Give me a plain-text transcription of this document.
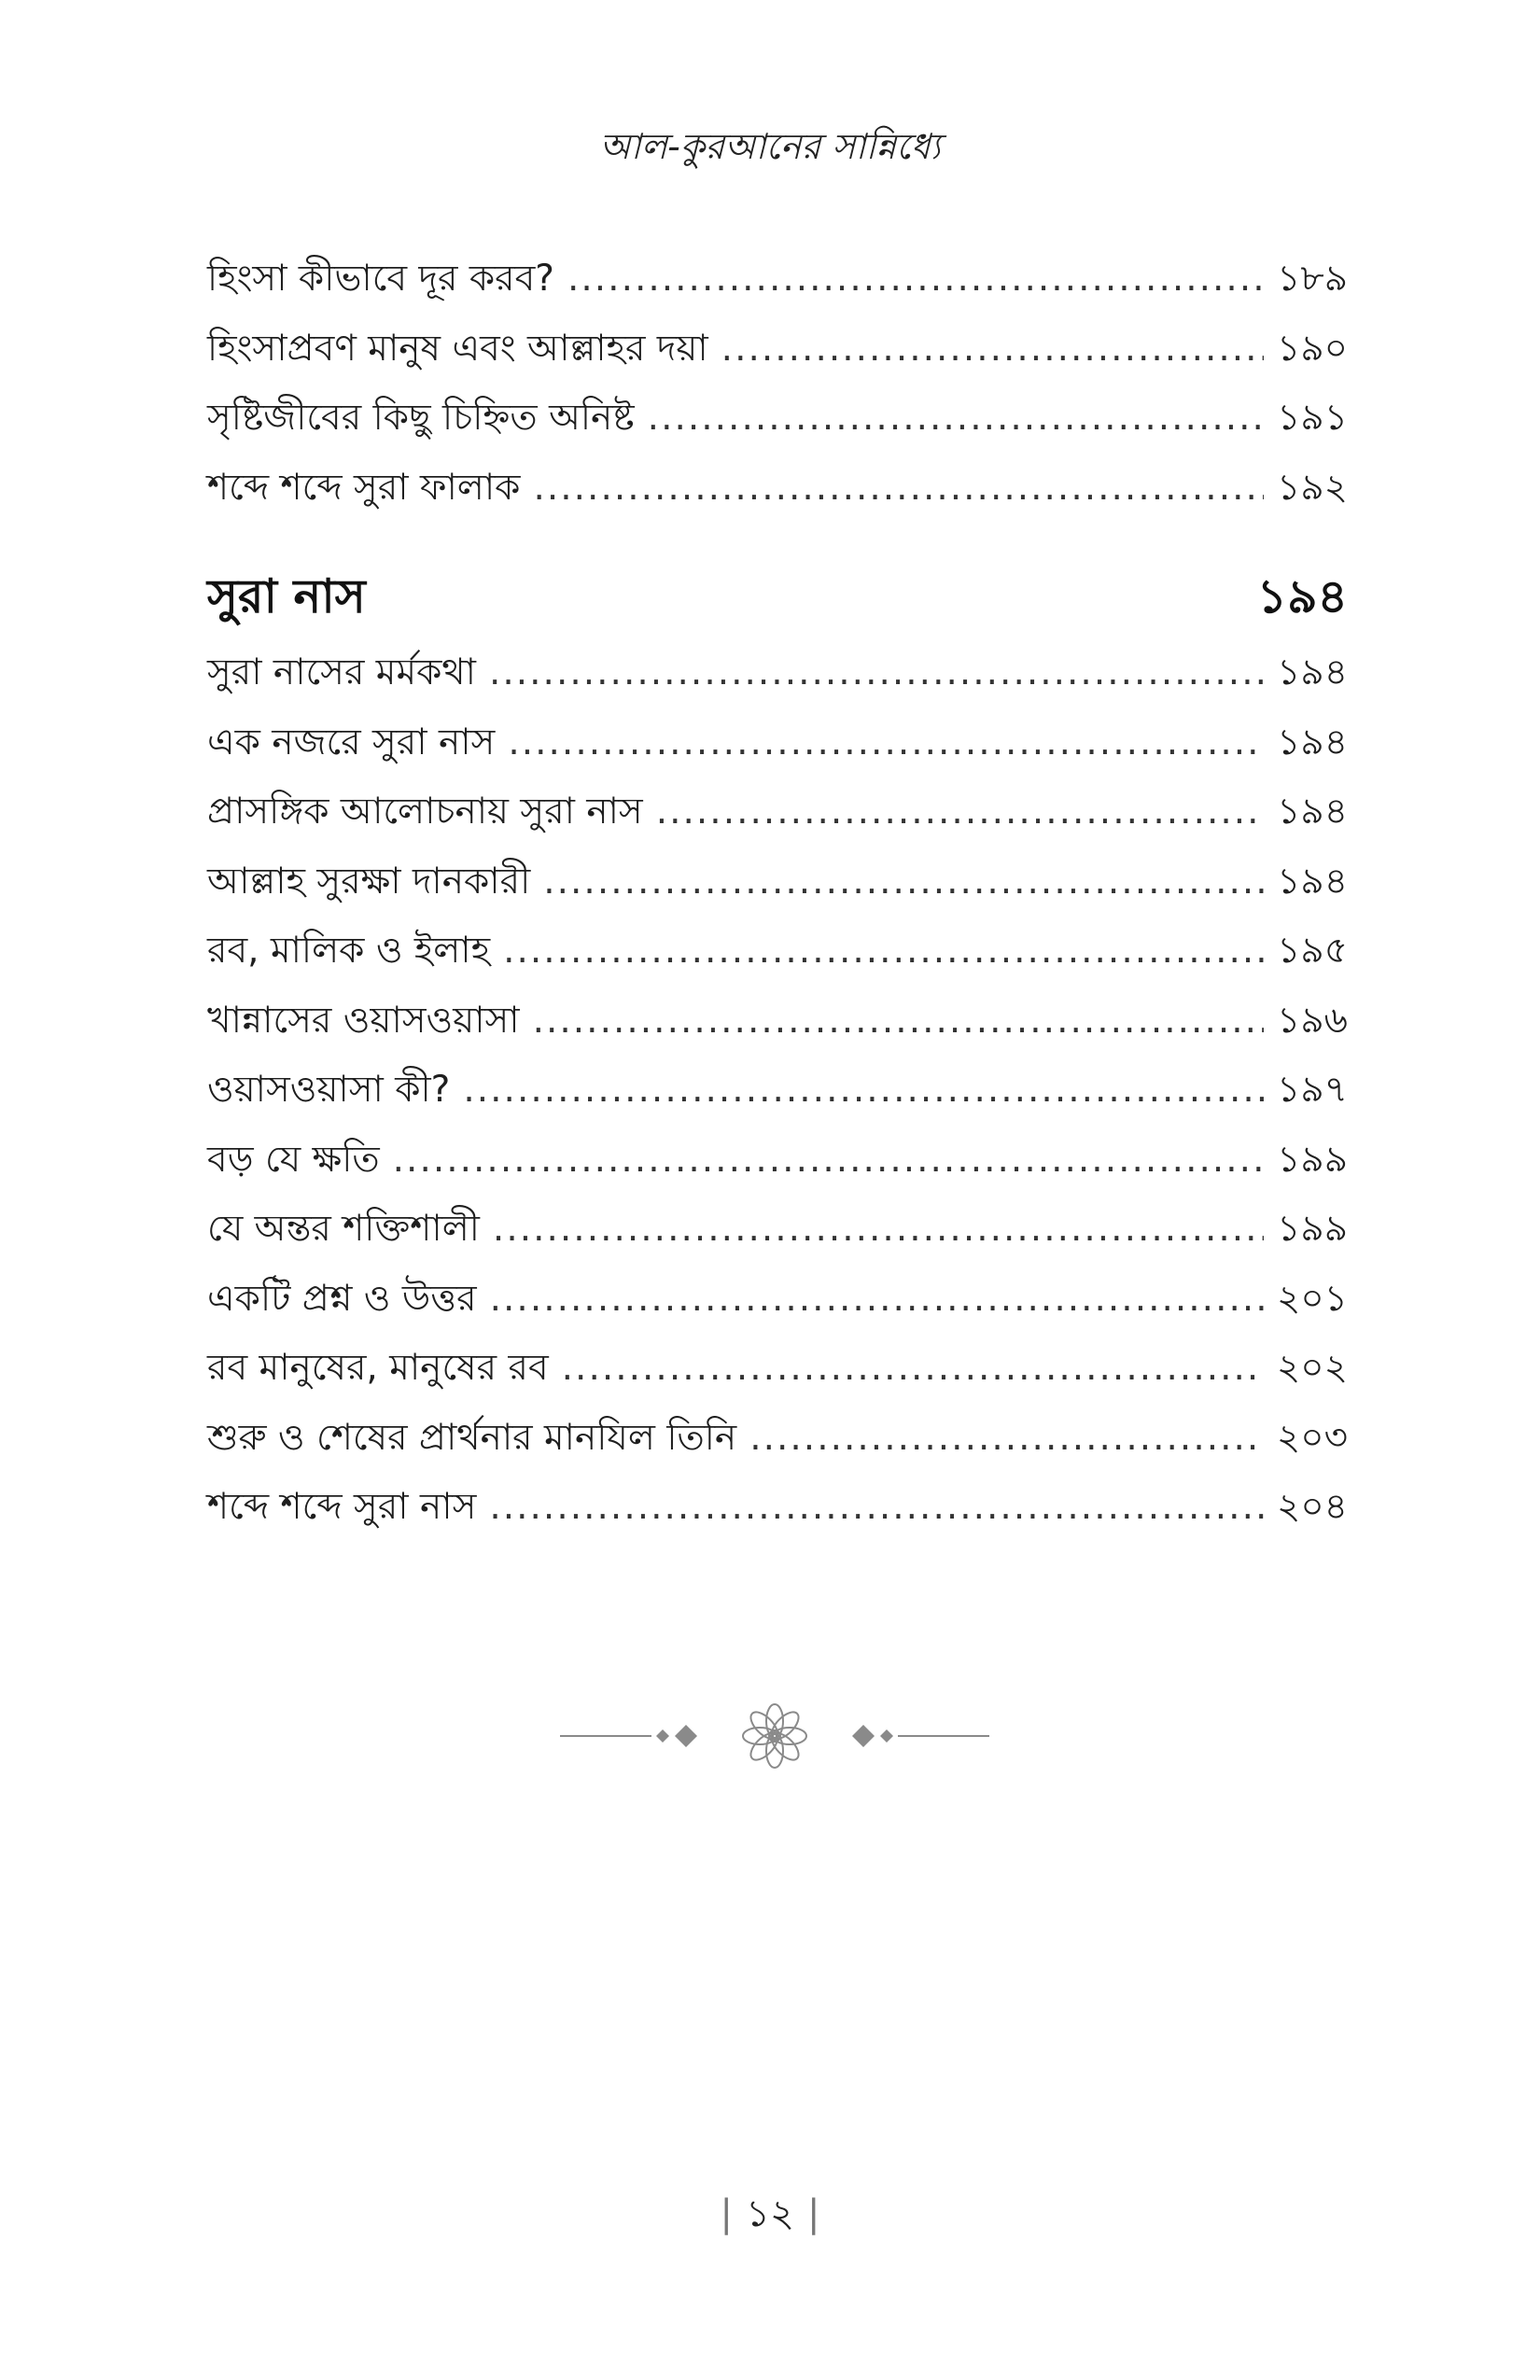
আল-কুরআনের সান্নিধ্যে
হিংসা কীভাবে দূর করব? .....	১৮৯
হিংসাপ্রবণ মানুষ এবং আল্লাহর দয়া .....	১৯০
সৃষ্টিজীবের কিছু চিহ্নিত অনিষ্ট .....	১৯১
শব্দে শব্দে সুরা ফালাক .....	১৯২
সুরা নাস	১৯৪
সুরা নাসের মর্মকথা .....	১৯৪
এক নজরে সুরা নাস .....	১৯৪
প্রাসঙ্গিক আলোচনায় সুরা নাস .....	১৯৪
আল্লাহ সুরক্ষা দানকারী .....	১৯৪
রব, মালিক ও ইলাহ .....	১৯৫
খান্নাসের ওয়াসওয়াসা .....	১৯৬
ওয়াসওয়াসা কী? .....	১৯৭
বড় যে ক্ষতি .....	১৯৯
যে অন্তর শক্তিশালী .....	১৯৯
একটি প্রশ্ন ও উত্তর .....	২০১
রব মানুষের, মানুষের রব .....	২০২
শুরু ও শেষের প্রার্থনার মানযিল তিনি .....	২০৩
শব্দে শব্দে সুরা নাস .....	২০৪
| ১২ |
